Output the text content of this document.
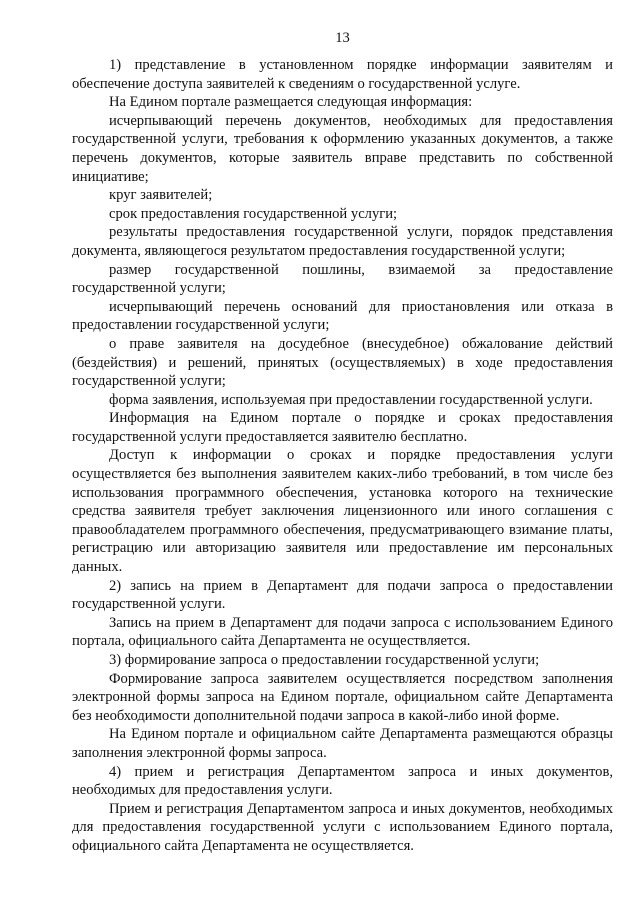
13

1) представление в установленном порядке информации заявителям и обеспечение доступа заявителей к сведениям о государственной услуге.

На Едином портале размещается следующая информация:

исчерпывающий перечень документов, необходимых для предоставления государственной услуги, требования к оформлению указанных документов, а также перечень документов, которые заявитель вправе представить по собственной инициативе;

круг заявителей;

срок предоставления государственной услуги;

результаты предоставления государственной услуги, порядок представления документа, являющегося результатом предоставления государственной услуги;

размер государственной пошлины, взимаемой за предоставление государственной услуги;

исчерпывающий перечень оснований для приостановления или отказа в предоставлении государственной услуги;

о праве заявителя на досудебное (внесудебное) обжалование действий (бездействия) и решений, принятых (осуществляемых) в ходе предоставления государственной услуги;

форма заявления, используемая при предоставлении государственной услуги.

Информация на Едином портале о порядке и сроках предоставления государственной услуги предоставляется заявителю бесплатно.

Доступ к информации о сроках и порядке предоставления услуги осуществляется без выполнения заявителем каких-либо требований, в том числе без использования программного обеспечения, установка которого на технические средства заявителя требует заключения лицензионного или иного соглашения с правообладателем программного обеспечения, предусматривающего взимание платы, регистрацию или авторизацию заявителя или предоставление им персональных данных.

2) запись на прием в Департамент для подачи запроса о предоставлении государственной услуги.

Запись на прием в Департамент для подачи запроса с использованием Единого портала, официального сайта Департамента не осуществляется.

3) формирование запроса о предоставлении государственной услуги;

Формирование запроса заявителем осуществляется посредством заполнения электронной формы запроса на Едином портале, официальном сайте Департамента без необходимости дополнительной подачи запроса в какой-либо иной форме.

На Едином портале и официальном сайте Департамента размещаются образцы заполнения электронной формы запроса.

4) прием и регистрация Департаментом запроса и иных документов, необходимых для предоставления услуги.

Прием и регистрация Департаментом запроса и иных документов, необходимых для предоставления государственной услуги с использованием Единого портала, официального сайта Департамента не осуществляется.
